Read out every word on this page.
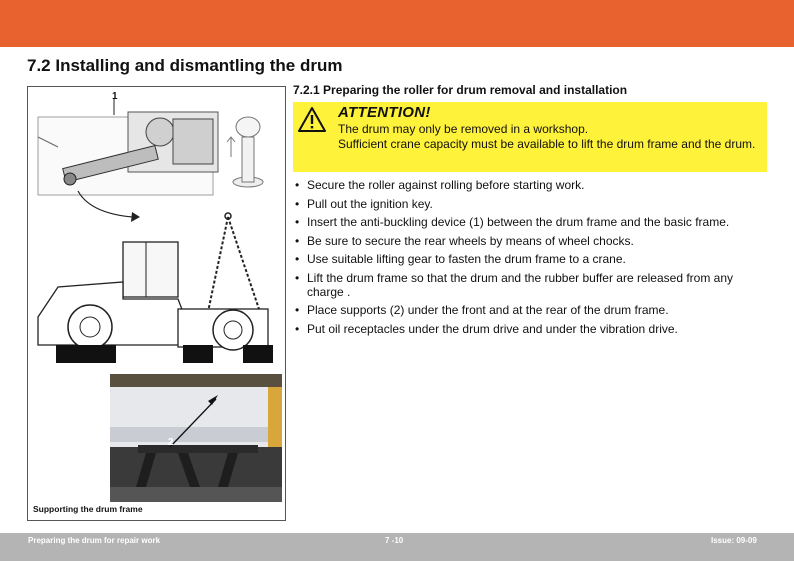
7.2 Installing and dismantling the drum
1
2
Supporting the drum frame
7.2.1 Preparing the roller for drum removal and installation

ATTENTION!

The drum may only be removed in a workshop.

Sufficient crane capacity must be available to lift the drum frame and the drum.

• Secure the roller against rolling before starting work.
• Pull out the ignition key.
• Insert the anti-buckling device (1) between the drum frame and the basic frame.
• Be sure to secure the rear wheels by means of wheel chocks.
• Use suitable lifting gear to fasten the drum frame to a crane.
• Lift the drum frame so that the drum and the rubber buffer are released from any charge .
• Place supports (2) under the front and at the rear of the drum frame.
• Put oil receptacles under the drum drive and under the vibration drive.
Preparing the drum for repair work	7 -10	Issue: 09-09
